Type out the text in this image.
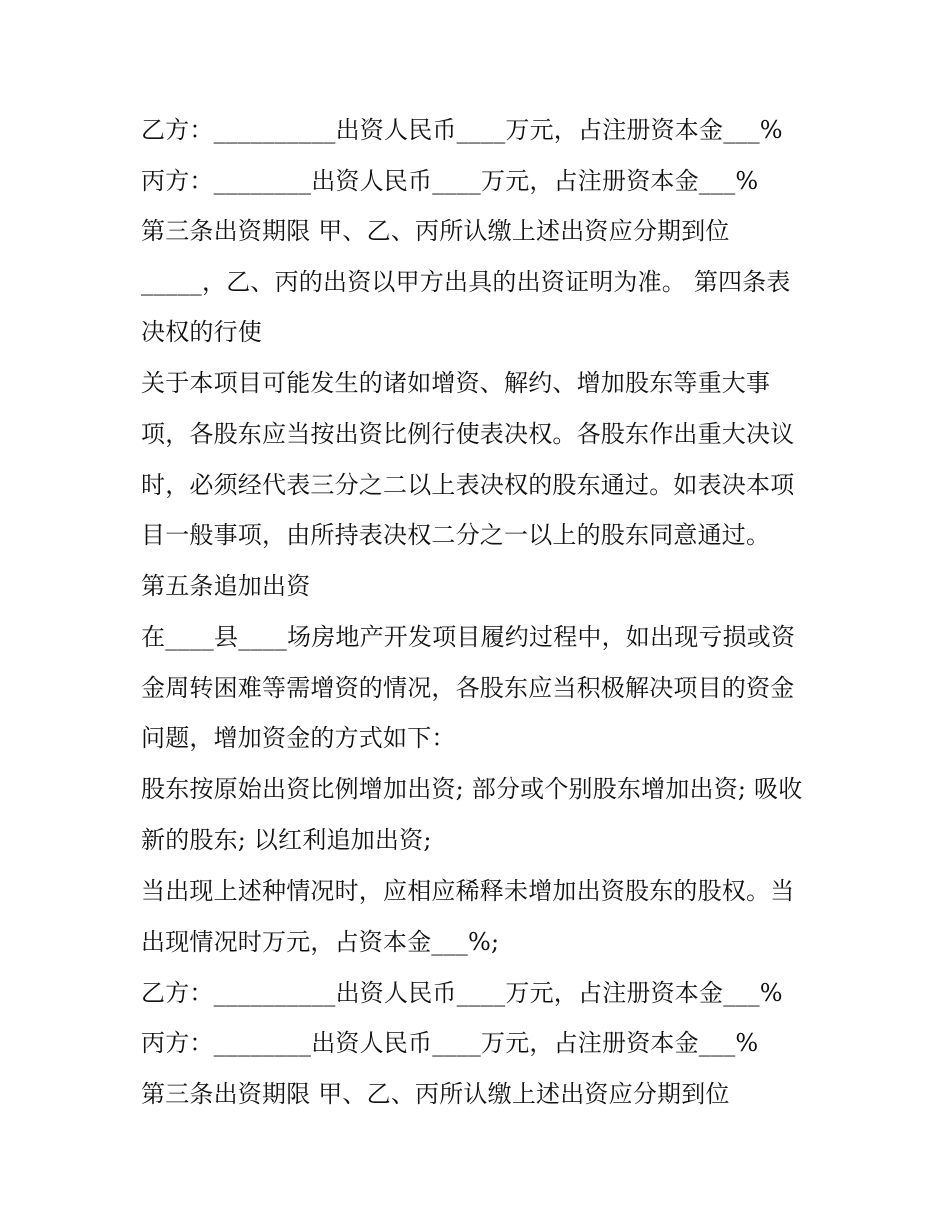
乙方：__________出资人民币____万元，占注册资本金___%
丙方：________出资人民币____万元，占注册资本金___%
第三条出资期限 甲、乙、丙所认缴上述出资应分期到位
_____，乙、丙的出资以甲方出具的出资证明为准。 第四条表
决权的行使
关于本项目可能发生的诸如增资、解约、增加股东等重大事
项，各股东应当按出资比例行使表决权。各股东作出重大决议
时，必须经代表三分之二以上表决权的股东通过。如表决本项
目一般事项，由所持表决权二分之一以上的股东同意通过。
第五条追加出资
在____县____场房地产开发项目履约过程中，如出现亏损或资
金周转困难等需增资的情况，各股东应当积极解决项目的资金
问题，增加资金的方式如下：
股东按原始出资比例增加出资; 部分或个别股东增加出资; 吸收
新的股东; 以红利追加出资;
当出现上述种情况时，应相应稀释未增加出资股东的股权。当
出现情况时万元，占资本金___%;
乙方：__________出资人民币____万元，占注册资本金___%
丙方：________出资人民币____万元，占注册资本金___%
第三条出资期限 甲、乙、丙所认缴上述出资应分期到位
